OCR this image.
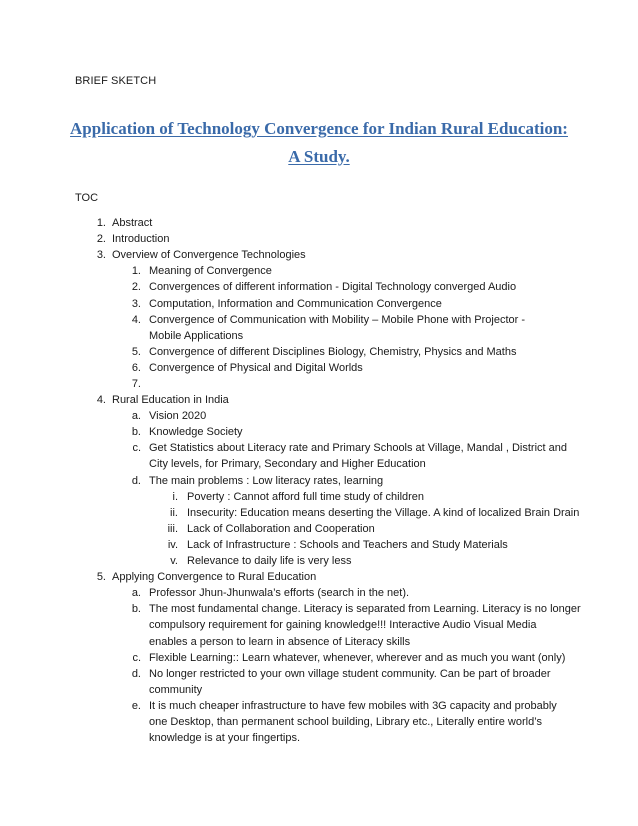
BRIEF SKETCH
Application of Technology Convergence for Indian Rural Education:
A Study.
TOC
1. Abstract
2. Introduction
3. Overview of Convergence Technologies
1. Meaning of Convergence
2. Convergences of different information - Digital Technology converged Audio
3. Computation, Information and Communication Convergence
4. Convergence of Communication with Mobility – Mobile Phone with Projector -
Mobile Applications
5. Convergence of different Disciplines Biology, Chemistry, Physics and Maths
6. Convergence of Physical and Digital Worlds
7.
4. Rural Education in India
a. Vision 2020
b. Knowledge Society
c. Get Statistics about Literacy rate and Primary Schools at Village, Mandal , District and
City levels, for Primary, Secondary and Higher Education
d. The main problems : Low literacy rates, learning
i. Poverty : Cannot afford full time study of children
ii. Insecurity: Education means deserting the Village. A kind of localized Brain Drain
iii. Lack of Collaboration and Cooperation
iv. Lack of Infrastructure : Schools and Teachers and Study Materials
v. Relevance to daily life is very less
5. Applying Convergence to Rural Education
a. Professor Jhun-Jhunwala’s efforts (search in the net).
b. The most fundamental change. Literacy is separated from Learning. Literacy is no longer
compulsory requirement for gaining knowledge!!! Interactive Audio Visual Media
enables a person to learn in absence of Literacy skills
c. Flexible Learning:: Learn whatever, whenever, wherever and as much you want (only)
d. No longer restricted to your own village student community. Can be part of broader
community
e. It is much cheaper infrastructure to have few mobiles with 3G capacity and probably
one Desktop, than permanent school building, Library etc., Literally entire world’s
knowledge is at your fingertips.
